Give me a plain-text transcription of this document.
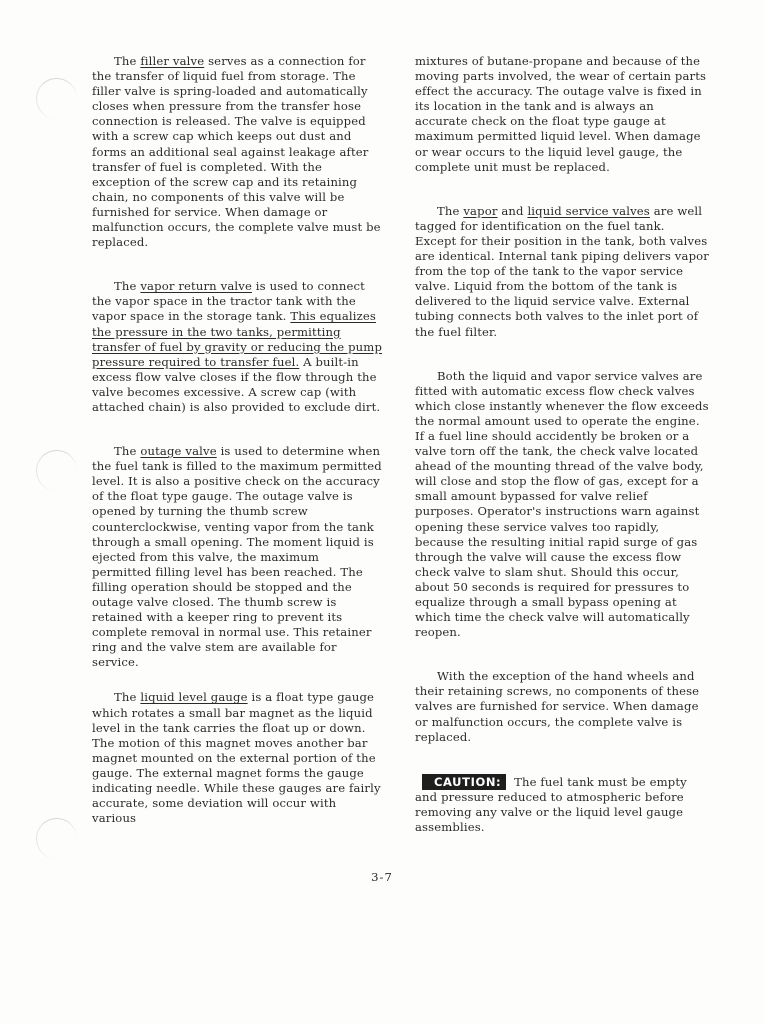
The filler valve serves as a connection for the transfer of liquid fuel from storage. The filler valve is spring-loaded and automatically closes when pressure from the transfer hose connection is released. The valve is equipped with a screw cap which keeps out dust and forms an additional seal against leakage after transfer of fuel is completed. With the exception of the screw cap and its retaining chain, no components of this valve will be furnished for service. When damage or malfunction occurs, the complete valve must be replaced.

The vapor return valve is used to connect the vapor space in the tractor tank with the vapor space in the storage tank. This equalizes the pressure in the two tanks, permitting transfer of fuel by gravity or reducing the pump pressure required to transfer fuel. A built-in excess flow valve closes if the flow through the valve becomes excessive. A screw cap (with attached chain) is also provided to exclude dirt.

The outage valve is used to determine when the fuel tank is filled to the maximum permitted level. It is also a positive check on the accuracy of the float type gauge. The outage valve is opened by turning the thumb screw counterclockwise, venting vapor from the tank through a small opening. The moment liquid is ejected from this valve, the maximum permitted filling level has been reached. The filling operation should be stopped and the outage valve closed. The thumb screw is retained with a keeper ring to prevent its complete removal in normal use. This retainer ring and the valve stem are available for service.

The liquid level gauge is a float type gauge which rotates a small bar magnet as the liquid level in the tank carries the float up or down. The motion of this magnet moves another bar magnet mounted on the external portion of the gauge. The external magnet forms the gauge indicating needle. While these gauges are fairly accurate, some deviation will occur with various

mixtures of butane-propane and because of the moving parts involved, the wear of certain parts effect the accuracy. The outage valve is fixed in its location in the tank and is always an accurate check on the float type gauge at maximum permitted liquid level. When damage or wear occurs to the liquid level gauge, the complete unit must be replaced.

The vapor and liquid service valves are well tagged for identification on the fuel tank. Except for their position in the tank, both valves are identical. Internal tank piping delivers vapor from the top of the tank to the vapor service valve. Liquid from the bottom of the tank is delivered to the liquid service valve. External tubing connects both valves to the inlet port of the fuel filter.

Both the liquid and vapor service valves are fitted with automatic excess flow check valves which close instantly whenever the flow exceeds the normal amount used to operate the engine. If a fuel line should accidently be broken or a valve torn off the tank, the check valve located ahead of the mounting thread of the valve body, will close and stop the flow of gas, except for a small amount bypassed for valve relief purposes. Operator's instructions warn against opening these service valves too rapidly, because the resulting initial rapid surge of gas through the valve will cause the excess flow check valve to slam shut. Should this occur, about 50 seconds is required for pressures to equalize through a small bypass opening at which time the check valve will automatically reopen.

With the exception of the hand wheels and their retaining screws, no components of these valves are furnished for service. When damage or malfunction occurs, the complete valve is replaced.

CAUTION: The fuel tank must be empty and pressure reduced to atmospheric before removing any valve or the liquid level gauge assemblies.

3-7
